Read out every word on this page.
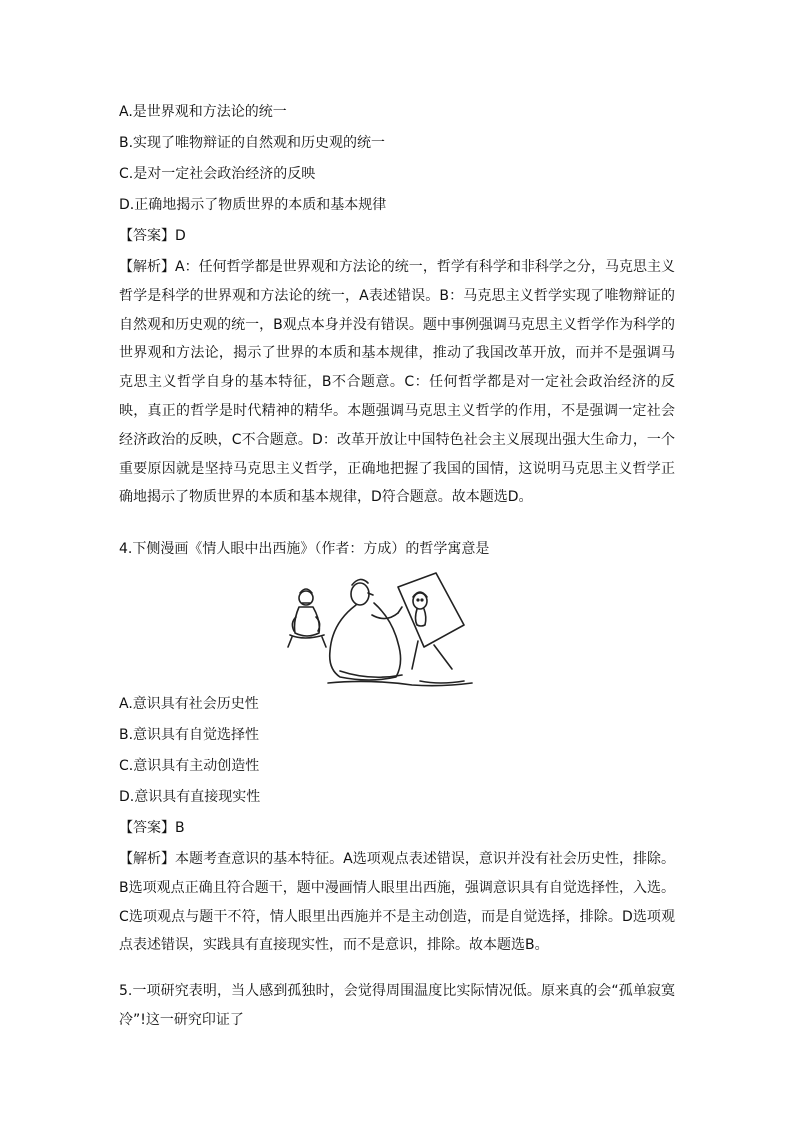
A.是世界观和方法论的统一

B.实现了唯物辩证的自然观和历史观的统一

C.是对一定社会政治经济的反映

D.正确地揭示了物质世界的本质和基本规律

【答案】D

【解析】A：任何哲学都是世界观和方法论的统一，哲学有科学和非科学之分，马克思主义哲学是科学的世界观和方法论的统一，A表述错误。B：马克思主义哲学实现了唯物辩证的自然观和历史观的统一，B观点本身并没有错误。题中事例强调马克思主义哲学作为科学的世界观和方法论，揭示了世界的本质和基本规律，推动了我国改革开放，而并不是强调马克思主义哲学自身的基本特征，B不合题意。C：任何哲学都是对一定社会政治经济的反映，真正的哲学是时代精神的精华。本题强调马克思主义哲学的作用，不是强调一定社会经济政治的反映，C不合题意。D：改革开放让中国特色社会主义展现出强大生命力，一个重要原因就是坚持马克思主义哲学，正确地把握了我国的国情，这说明马克思主义哲学正确地揭示了物质世界的本质和基本规律，D符合题意。故本题选D。

4.下侧漫画《情人眼中出西施》（作者：方成）的哲学寓意是

A.意识具有社会历史性

B.意识具有自觉选择性

C.意识具有主动创造性

D.意识具有直接现实性

【答案】B

【解析】本题考查意识的基本特征。A选项观点表述错误，意识并没有社会历史性，排除。B选项观点正确且符合题干，题中漫画情人眼里出西施，强调意识具有自觉选择性，入选。C选项观点与题干不符，情人眼里出西施并不是主动创造，而是自觉选择，排除。D选项观点表述错误，实践具有直接现实性，而不是意识，排除。故本题选B。

5.一项研究表明，当人感到孤独时，会觉得周围温度比实际情况低。原来真的会“孤单寂寞冷”!这一研究印证了
